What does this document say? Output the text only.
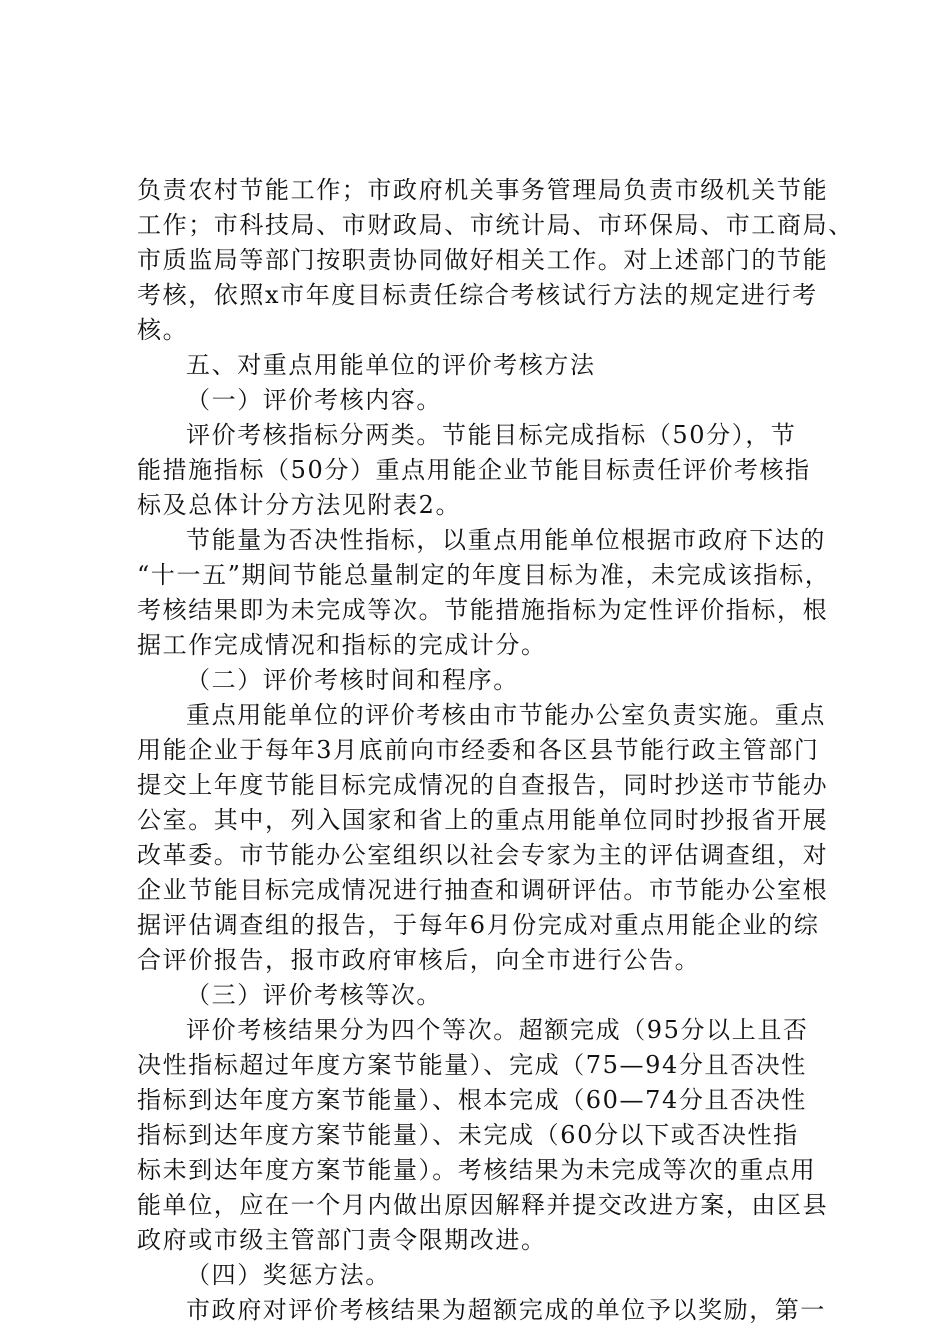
负责农村节能工作；市政府机关事务管理局负责市级机关节能
工作；市科技局、市财政局、市统计局、市环保局、市工商局、
市质监局等部门按职责协同做好相关工作。对上述部门的节能
考核，依照x市年度目标责任综合考核试行方法的规定进行考
核。
五、对重点用能单位的评价考核方法
（一）评价考核内容。
评价考核指标分两类。节能目标完成指标（50分），节
能措施指标（50分）重点用能企业节能目标责任评价考核指
标及总体计分方法见附表2。
节能量为否决性指标，以重点用能单位根据市政府下达的
“十一五”期间节能总量制定的年度目标为准，未完成该指标，
考核结果即为未完成等次。节能措施指标为定性评价指标，根
据工作完成情况和指标的完成计分。
（二）评价考核时间和程序。
重点用能单位的评价考核由市节能办公室负责实施。重点
用能企业于每年3月底前向市经委和各区县节能行政主管部门
提交上年度节能目标完成情况的自查报告，同时抄送市节能办
公室。其中，列入国家和省上的重点用能单位同时抄报省开展
改革委。市节能办公室组织以社会专家为主的评估调查组，对
企业节能目标完成情况进行抽查和调研评估。市节能办公室根
据评估调查组的报告，于每年6月份完成对重点用能企业的综
合评价报告，报市政府审核后，向全市进行公告。
（三）评价考核等次。
评价考核结果分为四个等次。超额完成（95分以上且否
决性指标超过年度方案节能量）、完成（75—94分且否决性
指标到达年度方案节能量）、根本完成（60—74分且否决性
指标到达年度方案节能量）、未完成（60分以下或否决性指
标未到达年度方案节能量）。考核结果为未完成等次的重点用
能单位，应在一个月内做出原因解释并提交改进方案，由区县
政府或市级主管部门责令限期改进。
（四）奖惩方法。
市政府对评价考核结果为超额完成的单位予以奖励，第一
